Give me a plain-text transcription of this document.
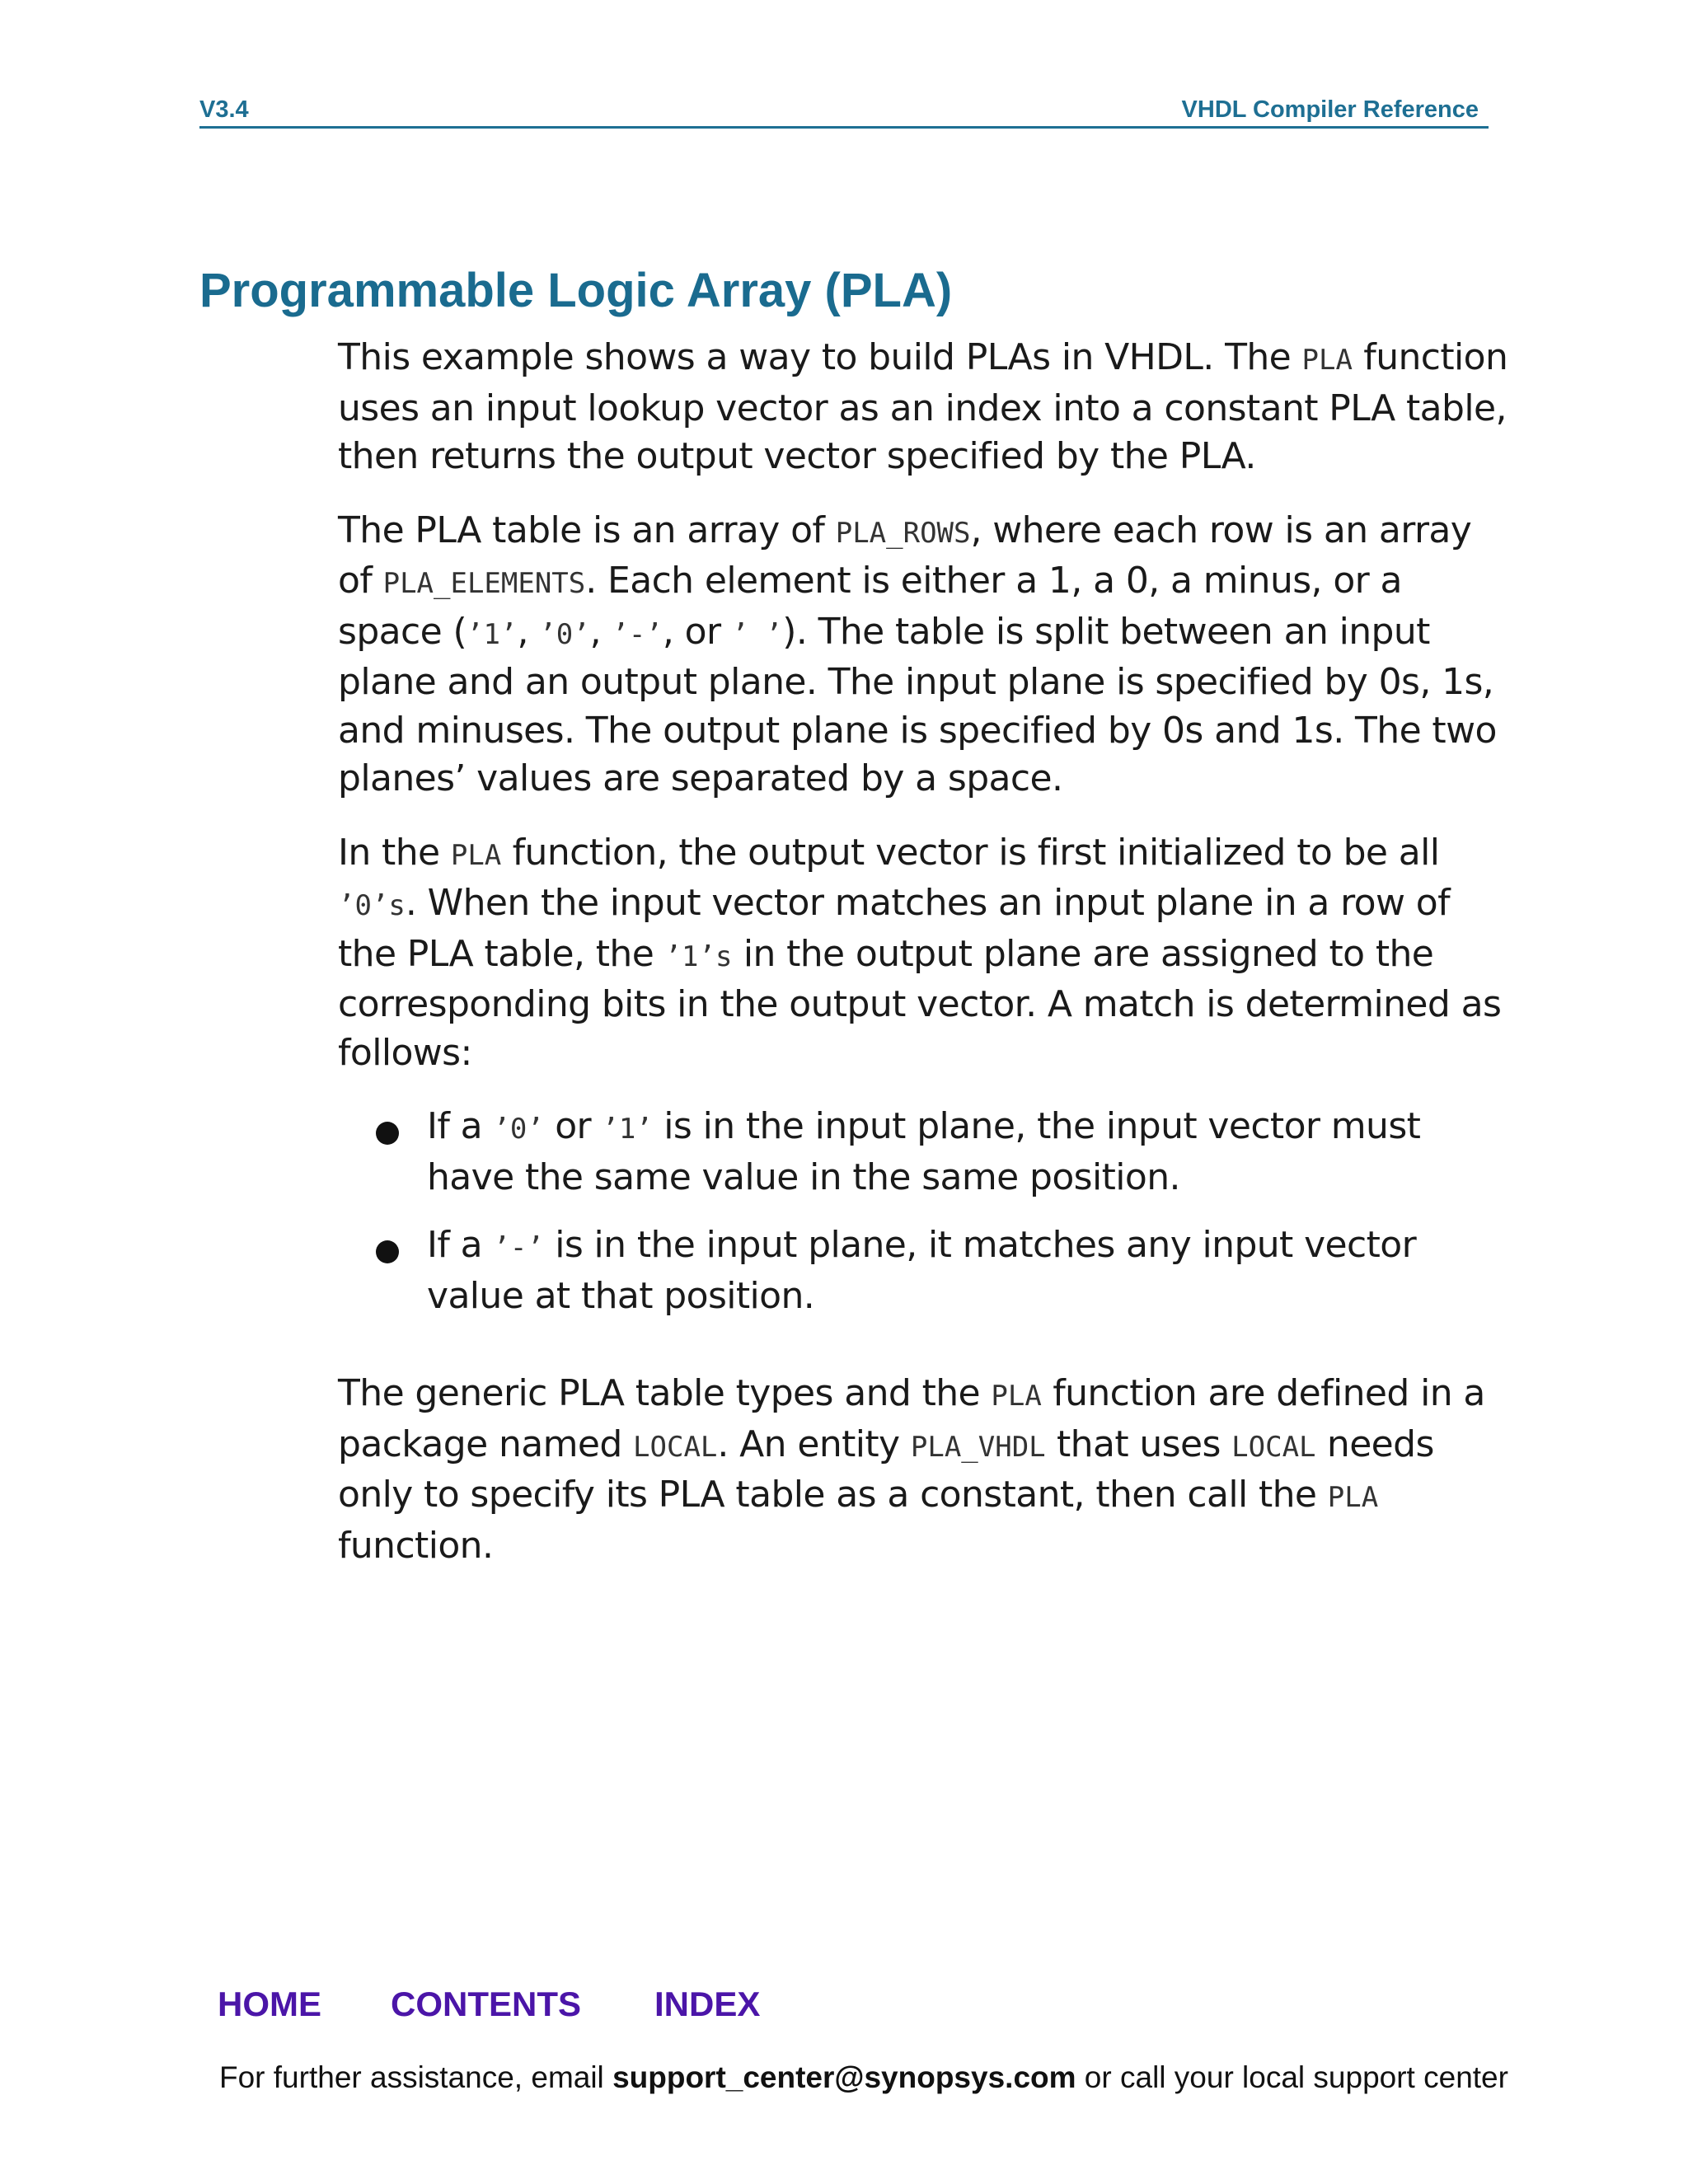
V3.4	VHDL Compiler Reference
Programmable Logic Array (PLA)

This example shows a way to build PLAs in VHDL. The PLA function uses an input lookup vector as an index into a constant PLA table, then returns the output vector specified by the PLA.

The PLA table is an array of PLA_ROWS, where each row is an array of PLA_ELEMENTS. Each element is either a 1, a 0, a minus, or a space (’1’, ’0’, ’-’, or ’ ’). The table is split between an input plane and an output plane. The input plane is specified by 0s, 1s, and minuses. The output plane is specified by 0s and 1s. The two planes’ values are separated by a space.

In the PLA function, the output vector is first initialized to be all ’0’s. When the input vector matches an input plane in a row of the PLA table, the ’1’s in the output plane are assigned to the corresponding bits in the output vector. A match is determined as follows:

If a ’0’ or ’1’ is in the input plane, the input vector must have the same value in the same position.
If a ’-’ is in the input plane, it matches any input vector value at that position.

The generic PLA table types and the PLA function are defined in a package named LOCAL. An entity PLA_VHDL that uses LOCAL needs only to specify its PLA table as a constant, then call the PLA function.

HOME CONTENTS INDEX
For further assistance, email support_center@synopsys.com or call your local support center
